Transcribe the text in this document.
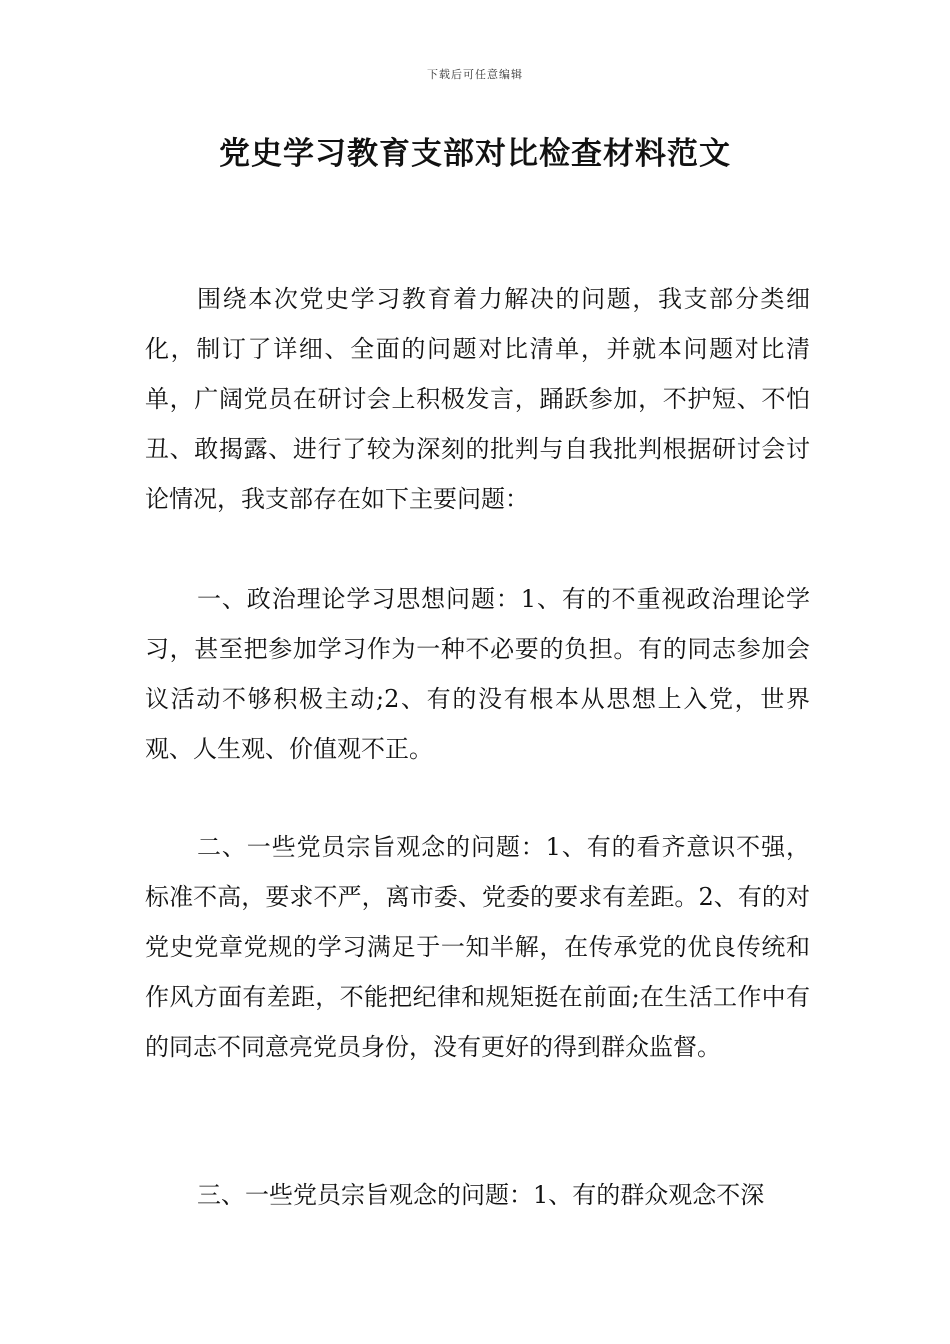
下载后可任意编辑
党史学习教育支部对比检查材料范文

围绕本次党史学习教育着力解决的问题，我支部分类细化，制订了详细、全面的问题对比清单，并就本问题对比清单，广阔党员在研讨会上积极发言，踊跃参加，不护短、不怕丑、敢揭露、进行了较为深刻的批判与自我批判根据研讨会讨论情况，我支部存在如下主要问题：

一、政治理论学习思想问题：1、有的不重视政治理论学习，甚至把参加学习作为一种不必要的负担。有的同志参加会议活动不够积极主动;2、有的没有根本从思想上入党，世界观、人生观、价值观不正。

二、一些党员宗旨观念的问题：1、有的看齐意识不强，标准不高，要求不严，离市委、党委的要求有差距。2、有的对党史党章党规的学习满足于一知半解，在传承党的优良传统和作风方面有差距，不能把纪律和规矩挺在前面;在生活工作中有的同志不同意亮党员身份，没有更好的得到群众监督。

三、一些党员宗旨观念的问题：1、有的群众观念不深
